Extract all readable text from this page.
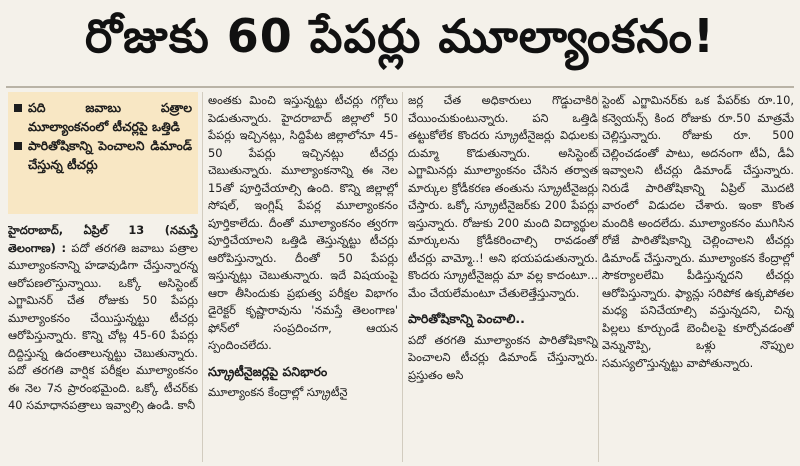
రోజుకు 60 పేపర్లు మూల్యాంకనం!
పది జవాబు పత్రాల మూల్యాంకనంలో టీచర్లపై ఒత్తిడి
పారితోషికాన్ని పెంచాలని డిమాండ్ చేస్తున్న టీచర్లు

హైదరాబాద్, ఏప్రిల్ 13 (నమస్తే తెలంగాణ) : పదో తరగతి జవాబు పత్రాల మూల్యాంకనాన్ని హడావుడిగా చేస్తున్నారన్న ఆరోపణలొస్తున్నాయి. ఒక్కో అసిస్టెంట్ ఎగ్జామినర్ చేత రోజుకు 50 పేపర్లు మూల్యాంకనం చేయిస్తున్నట్టు టీచర్లు ఆరోపిస్తున్నారు. కొన్ని చోట్ల 45-60 పేపర్లు దిద్దిస్తున్న ఉదంతాలున్నట్టు చెబుతున్నారు. పదో తరగతి వార్షిక పరీక్షల మూల్యాంకనం ఈ నెల 7న ప్రారంభమైంది. ఒక్కో టీచర్‌కు 40 సమాధానపత్రాలు ఇవ్వాల్సి ఉండి. కానీ

అంతకు మించి ఇస్తున్నట్టు టీచర్లు గగ్గోలు పెడుతున్నారు. హైదరాబాద్ జిల్లాలో 50 పేపర్లు ఇచ్చినట్లు, సిద్దిపేట జిల్లాలోనూ 45-50 పేపర్లు ఇచ్చినట్లు టీచర్లు చెబుతున్నారు. మూల్యాంకనాన్ని ఈ నెల 15తో పూర్తిచేయాల్సి ఉంది. కొన్ని జిల్లాల్లో సోషల్, ఇంగ్లిష్ పేపర్ల మూల్యాంకనం పూర్తికాలేదు. దీంతో మూల్యాంకనం త్వరగా పూర్తిచేయాలని ఒత్తిడి తెస్తున్నట్టు టీచర్లు ఆరోపిస్తున్నారు. దీంతో 50 పేపర్లు ఇస్తున్నట్లు చెబుతున్నారు. ఇదే విషయంపై ఆరా తీసిందుకు ప్రభుత్వ పరీక్షల విభాగం డైరెక్టర్ కృష్ణారావును 'నమస్తే తెలంగాణ' ఫోన్‌లో సంప్రదించగా, ఆయన స్పందించలేదు.

స్క్రూటీనైజర్లపై పనిభారం

మూల్యాంకన కేంద్రాల్లో స్క్రూటీనై

జర్ల చేత అధికారులు గొడ్డుచాకిరి చేయించుకుంటున్నారు. పని ఒత్తిడి తట్టుకోలేక కొందరు స్క్రూటీనైజర్లు విధులకు దుమ్మా కొడుతున్నారు. అసిస్టెంట్ ఎగ్జామినర్లు మూల్యాంకనం చేసిన తర్వాత మార్కుల క్రోడీకరణ తంతును స్క్రూటీనైజర్లు చేస్తారు. ఒక్కో స్క్రూటీనైజర్‌కు 200 పేపర్లు ఇస్తున్నారు. రోజుకు 200 మంది విద్యార్థుల మార్కులను క్రోడీకరించాల్సి రావడంతో టీచర్లు వామ్మో..! అని భయపడుతున్నారు. కొందరు స్క్రూటీనైజర్లు మా వల్ల కాదంటూ... మేం చేయలేమంటూ చేతులెత్తేస్తున్నారు.

పారితోషికాన్ని పెంచాలి..

పదో తరగతి మూల్యాంకన పారితోషికాన్ని పెంచాలని టీచర్లు డిమాండ్ చేస్తున్నారు. ప్రస్తుతం అసి

స్టెంట్ ఎగ్జామినర్‌కు ఒక పేపర్‌కు రూ.10, కన్వెయన్స్ కింద రోజుకు రూ.50 మాత్రమే చెల్లిస్తున్నారు. రోజుకు రూ. 500 చెల్లించడంతో పాటు, అదనంగా టీఏ, డీఏ ఇవ్వాలని టీచర్లు డిమాండ్ చేస్తున్నారు. నిరుడే పారితోషికాన్ని ఏప్రిల్ మొదటి వారంలో విడుదల చేశారు. ఇంకా కొంత మందికి అందలేదు. మూల్యాంకనం ముగిసిన రోజే పారితోషికాన్ని చెల్లించాలని టీచర్లు డిమాండ్ చేస్తున్నారు. మూల్యాంకన కేంద్రాల్లో సౌకర్యాలలేమి పీడిస్తున్నదని టీచర్లు ఆరోపిస్తున్నారు. ఫ్యాన్లు సరిపోక ఉక్కపోతల మధ్య పనిచేయాల్సి వస్తున్నదని, చిన్న పిల్లలు కూర్చుండే బెంచీలపై కూర్చోవడంతో వెన్నునొప్పి, ఒళ్లు నొప్పుల సమస్యలొస్తున్నట్టు వాపోతున్నారు.
